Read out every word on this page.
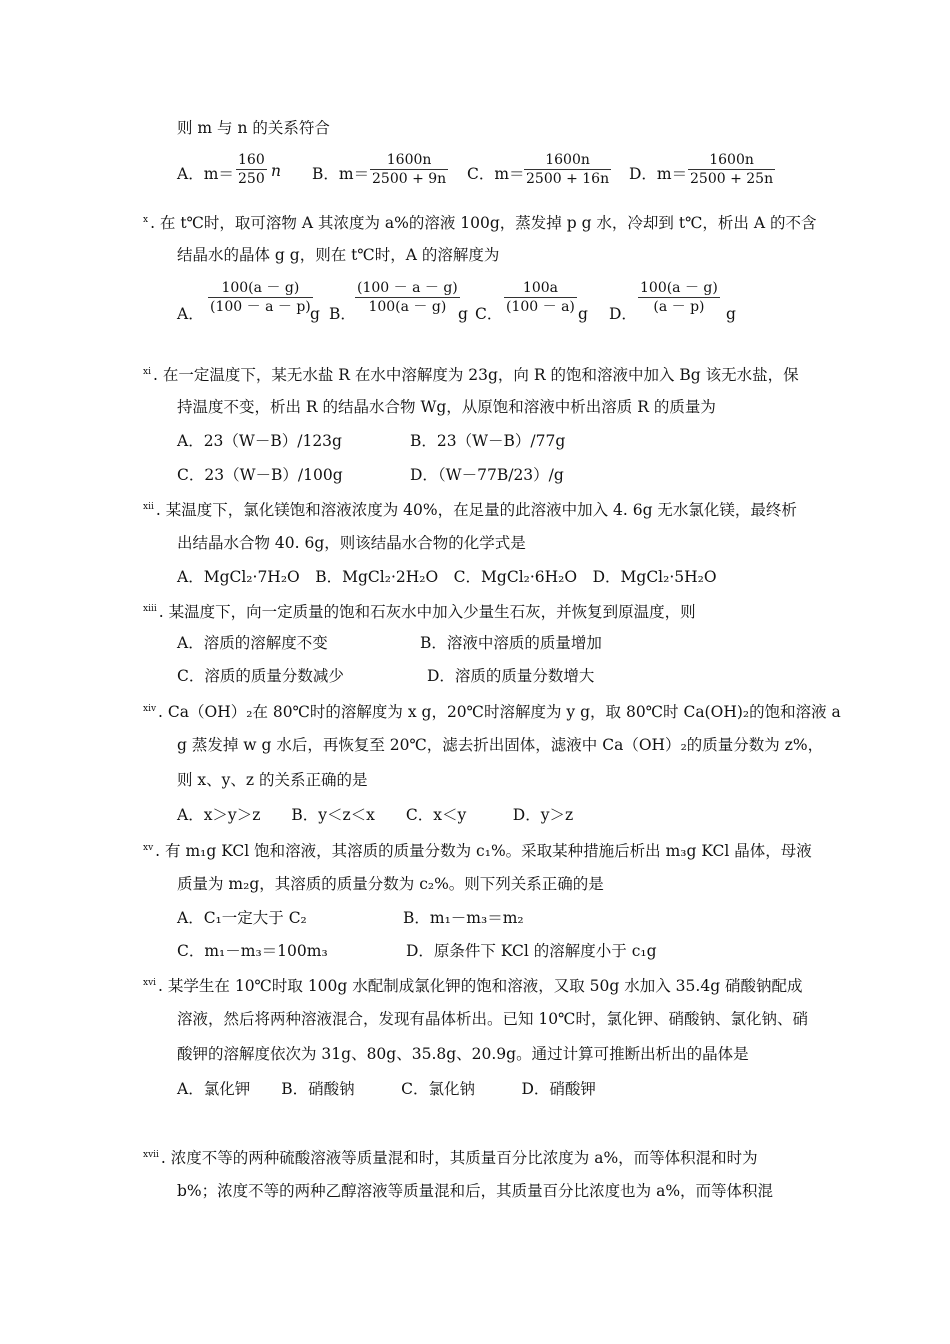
则 m 与 n 的关系符合
A．$m= \frac{160}{250}$ n B．$m= \frac{1600n}{2500 + 9n}$ C．$m= \frac{1600n}{2500 + 16n}$ D．$m= \frac{1600n}{2500 + 25n}$
$^x$ . 在 t℃时，取可溶物 A 其浓度为 a%的溶液 100g，蒸发掉 p g 水，冷却到 t℃，析出 A 的不含
结晶水的晶体 g g，则在 t℃时，A 的溶解度为
A． $\frac{100(a - g)}{(100 - a - p)}$
g B． $\frac{(100 - a - g)}{100(a - g)}$
g C． $\frac{100a}{(100 - a)}$ g D． $\frac{100(a - g)}{(a - p)}$ g
$^{xi}$ . 在一定温度下，某无水盐 R 在水中溶解度为 23g，向 R 的饱和溶液中加入 Bg 该无水盐，保
持温度不变，析出 R 的结晶水合物 Wg，从原饱和溶液中析出溶质 R 的质量为
A．23（W－B）/123g	B．23（W－B）/77g
C．23（W－B）/100g	D．（W－77B/23）/g
$^{xii}$ . 某温度下，氯化镁饱和溶液浓度为 40%，在足量的此溶液中加入 4. 6g 无水氯化镁，最终析
出结晶水合物 40. 6g，则该结晶水合物的化学式是
A．MgCl₂·7H₂O　B．MgCl₂·2H₂O　C．MgCl₂·6H₂O　D．MgCl₂·5H₂O
$^{xiii}$ . 某温度下，向一定质量的饱和石灰水中加入少量生石灰，并恢复到原温度，则
A．溶质的溶解度不变	B．溶液中溶质的质量增加
C．溶质的质量分数减少	D．溶质的质量分数增大
$^{xiv}$ . Ca（OH）₂在 80℃时的溶解度为 x g，20℃时溶解度为 y g，取 80℃时 Ca(OH)₂的饱和溶液 a
g 蒸发掉 w g 水后，再恢复至 20℃，滤去折出固体，滤液中 Ca（OH）₂的质量分数为 z%，
则 x、y、z 的关系正确的是
A．x＞y＞z　　B．y＜z＜x　　C．x＜y　　　D．y＞z
$^{xv}$ . 有 m₁g KCl 饱和溶液，其溶质的质量分数为 c₁%。采取某种措施后析出 m₃g KCl 晶体，母液
质量为 m₂g，其溶质的质量分数为 c₂%。则下列关系正确的是
A．C₁一定大于 C₂	B．m₁－m₃＝m₂
C．m₁－m₃＝100m₃	D．原条件下 KCl 的溶解度小于 c₁g
$^{xvi}$ . 某学生在 10℃时取 100g 水配制成氯化钾的饱和溶液，又取 50g 水加入 35.4g 硝酸钠配成
溶液，然后将两种溶液混合，发现有晶体析出。已知 10℃时，氯化钾、硝酸钠、氯化钠、硝
酸钾的溶解度依次为 31g、80g、35.8g、20.9g。通过计算可推断出析出的晶体是
A．氯化钾　　B．硝酸钠　　　C．氯化钠　　　D．硝酸钾
$^{xvii}$ . 浓度不等的两种硫酸溶液等质量混和时，其质量百分比浓度为 a%，而等体积混和时为
b%；浓度不等的两种乙醇溶液等质量混和后，其质量百分比浓度也为 a%，而等体积混
